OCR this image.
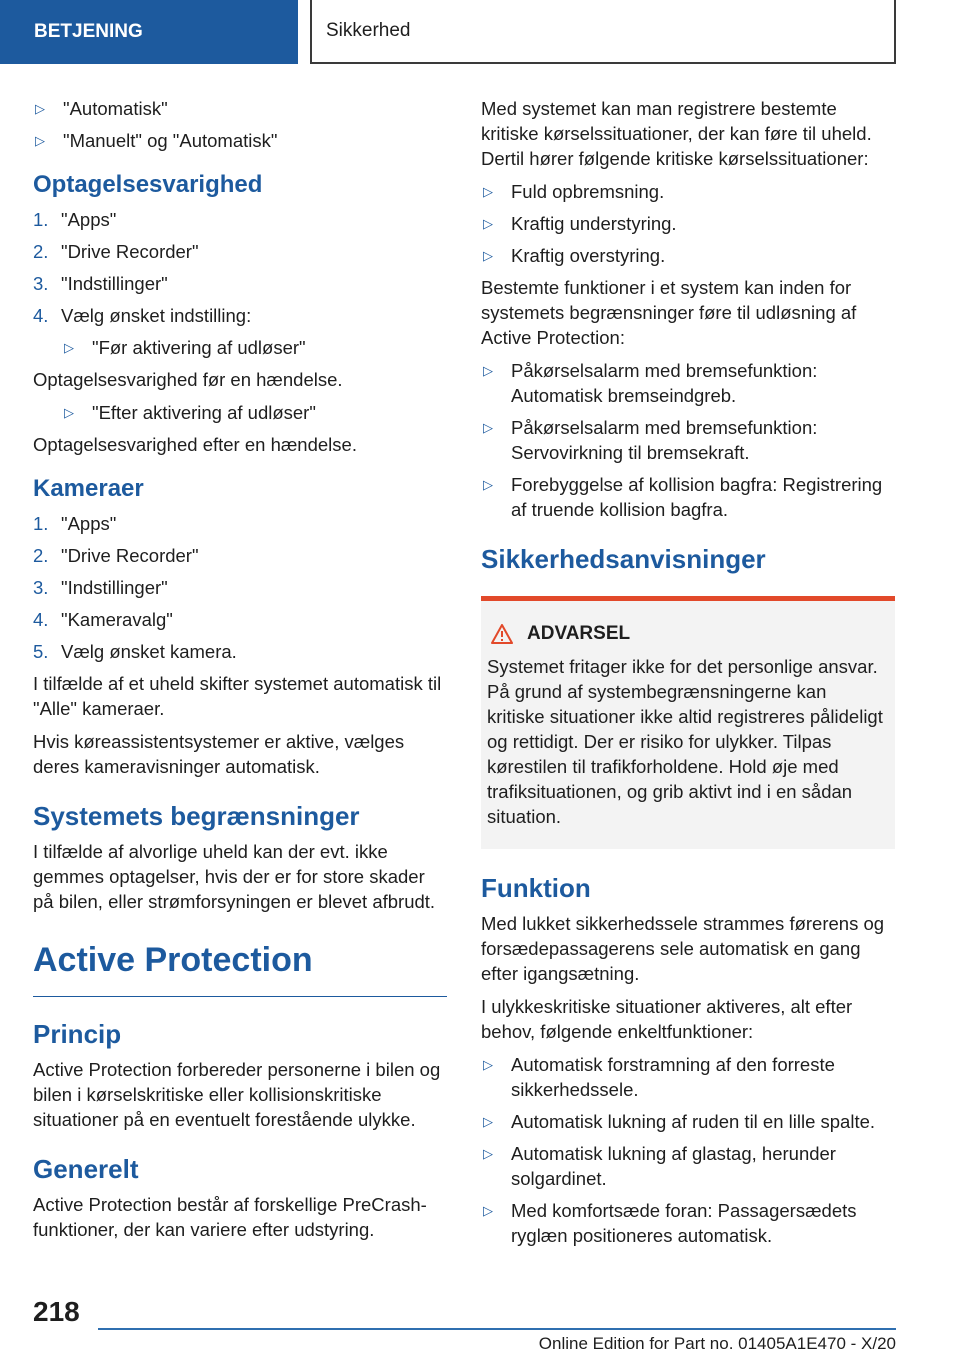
BETJENING	Sikkerhed
▷ "Automatisk"
▷ "Manuelt" og "Automatisk"
Optagelsesvarighed
1. "Apps"
2. "Drive Recorder"
3. "Indstillinger"
4. Vælg ønsket indstilling:
▷ "Før aktivering af udløser"

Optagelsesvarighed før en hændelse.

▷ "Efter aktivering af udløser"

Optagelsesvarighed efter en hændelse.

Kameraer
1. "Apps"
2. "Drive Recorder"
3. "Indstillinger"
4. "Kameravalg"
5. Vælg ønsket kamera.

I tilfælde af et uheld skifter systemet automatisk til "Alle" kameraer.

Hvis køreassistentsystemer er aktive, vælges deres kameravisninger automatisk.

Systemets begrænsninger

I tilfælde af alvorlige uheld kan der evt. ikke gemmes optagelser, hvis der er for store skader på bilen, eller strømforsyningen er blevet afbrudt.

Active Protection
Princip

Active Protection forbereder personerne i bilen og bilen i kørselskritiske eller kollisionskritiske situationer på en eventuelt forestående ulykke.

Generelt

Active Protection består af forskellige PreCrash-funktioner, der kan variere efter udstyring.

Med systemet kan man registrere bestemte kritiske kørselssituationer, der kan føre til uheld. Dertil hører følgende kritiske kørselssituationer:

▷ Fuld opbremsning.
▷ Kraftig understyring.
▷ Kraftig overstyring.

Bestemte funktioner i et system kan inden for systemets begrænsninger føre til udløsning af Active Protection:

▷ Påkørselsalarm med bremsefunktion: Automatisk bremseindgreb.
▷ Påkørselsalarm med bremsefunktion: Servovirkning til bremsekraft.
▷ Forebyggelse af kollision bagfra: Registrering af truende kollision bagfra.
Sikkerhedsanvisninger
ADVARSEL

Systemet fritager ikke for det personlige ansvar. På grund af systembegrænsningerne kan kritiske situationer ikke altid registreres pålideligt og rettidigt. Der er risiko for ulykker. Tilpas kørestilen til trafikforholdene. Hold øje med trafiksituationen, og grib aktivt ind i en sådan situation.

Funktion

Med lukket sikkerhedssele strammes førerens og forsædepassagerens sele automatisk en gang efter igangsætning.

I ulykkeskritiske situationer aktiveres, alt efter behov, følgende enkeltfunktioner:

▷ Automatisk forstramning af den forreste sikkerhedssele.
▷ Automatisk lukning af ruden til en lille spalte.
▷ Automatisk lukning af glastag, herunder solgardinet.
▷ Med komfortsæde foran: Passagersædets ryglæn positioneres automatisk.
218
Online Edition for Part no. 01405A1E470 - X/20
